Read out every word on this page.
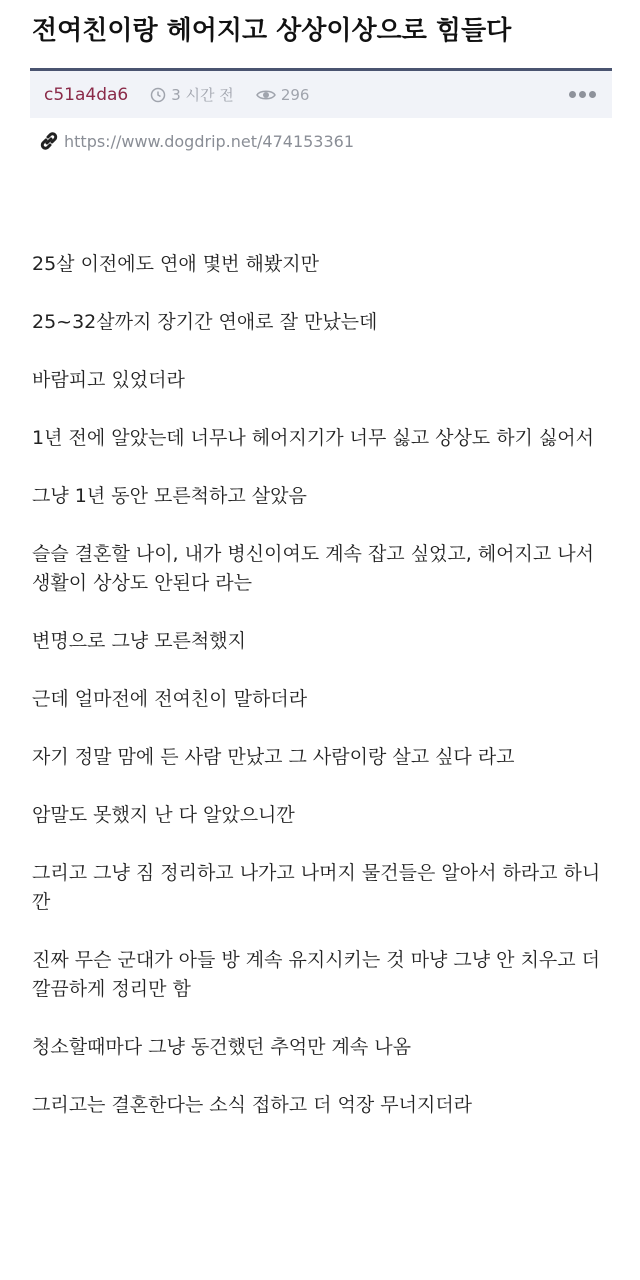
전여친이랑 헤어지고 상상이상으로 힘들다
c51a4da6	3 시간 전	296
https://www.dogdrip.net/474153361

25살 이전에도 연애 몇번 해봤지만

25~32살까지 장기간 연애로 잘 만났는데

바람피고 있었더라

1년 전에 알았는데 너무나 헤어지기가 너무 싫고 상상도 하기 싫어서

그냥 1년 동안 모른척하고 살았음

슬슬 결혼할 나이, 내가 병신이여도 계속 잡고 싶었고, 헤어지고 나서 생활이 상상도 안된다 라는

변명으로 그냥 모른척했지

근데 얼마전에 전여친이 말하더라

자기 정말 맘에 든 사람 만났고 그 사람이랑 살고 싶다 라고

암말도 못했지 난 다 알았으니깐

그리고 그냥 짐 정리하고 나가고 나머지 물건들은 알아서 하라고 하니깐

진짜 무슨 군대가 아들 방 계속 유지시키는 것 마냥 그냥 안 치우고 더 깔끔하게 정리만 함

청소할때마다 그냥 동건했던 추억만 계속 나옴

그리고는 결혼한다는 소식 접하고 더 억장 무너지더라
